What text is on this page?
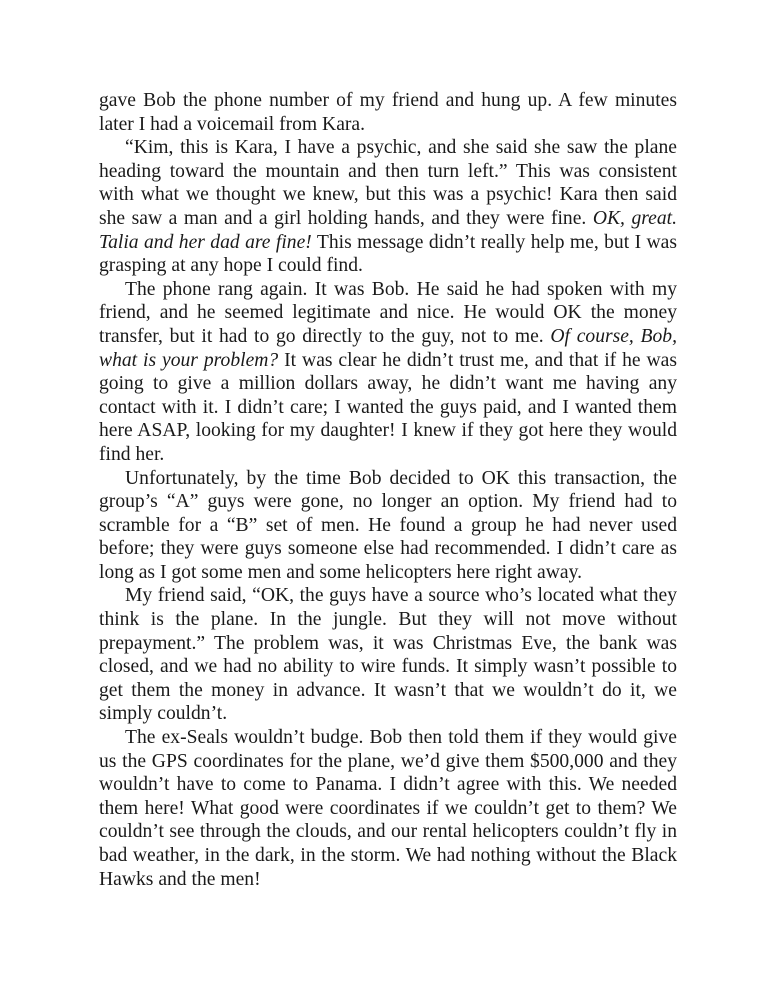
gave Bob the phone number of my friend and hung up. A few minutes later I had a voicemail from Kara.

“Kim, this is Kara, I have a psychic, and she said she saw the plane heading toward the mountain and then turn left.” This was consistent with what we thought we knew, but this was a psychic! Kara then said she saw a man and a girl holding hands, and they were fine. OK, great. Talia and her dad are fine! This message didn’t really help me, but I was grasping at any hope I could find.

The phone rang again. It was Bob. He said he had spoken with my friend, and he seemed legitimate and nice. He would OK the money transfer, but it had to go directly to the guy, not to me. Of course, Bob, what is your problem? It was clear he didn’t trust me, and that if he was going to give a million dollars away, he didn’t want me having any contact with it. I didn’t care; I wanted the guys paid, and I wanted them here ASAP, looking for my daughter! I knew if they got here they would find her.

Unfortunately, by the time Bob decided to OK this transaction, the group’s “A” guys were gone, no longer an option. My friend had to scramble for a “B” set of men. He found a group he had never used before; they were guys someone else had recommended. I didn’t care as long as I got some men and some helicopters here right away.

My friend said, “OK, the guys have a source who’s located what they think is the plane. In the jungle. But they will not move without prepayment.” The problem was, it was Christmas Eve, the bank was closed, and we had no ability to wire funds. It simply wasn’t possible to get them the money in advance. It wasn’t that we wouldn’t do it, we simply couldn’t.

The ex-Seals wouldn’t budge. Bob then told them if they would give us the GPS coordinates for the plane, we’d give them $500,000 and they wouldn’t have to come to Panama. I didn’t agree with this. We needed them here! What good were coordinates if we couldn’t get to them? We couldn’t see through the clouds, and our rental helicopters couldn’t fly in bad weather, in the dark, in the storm. We had nothing without the Black Hawks and the men!
